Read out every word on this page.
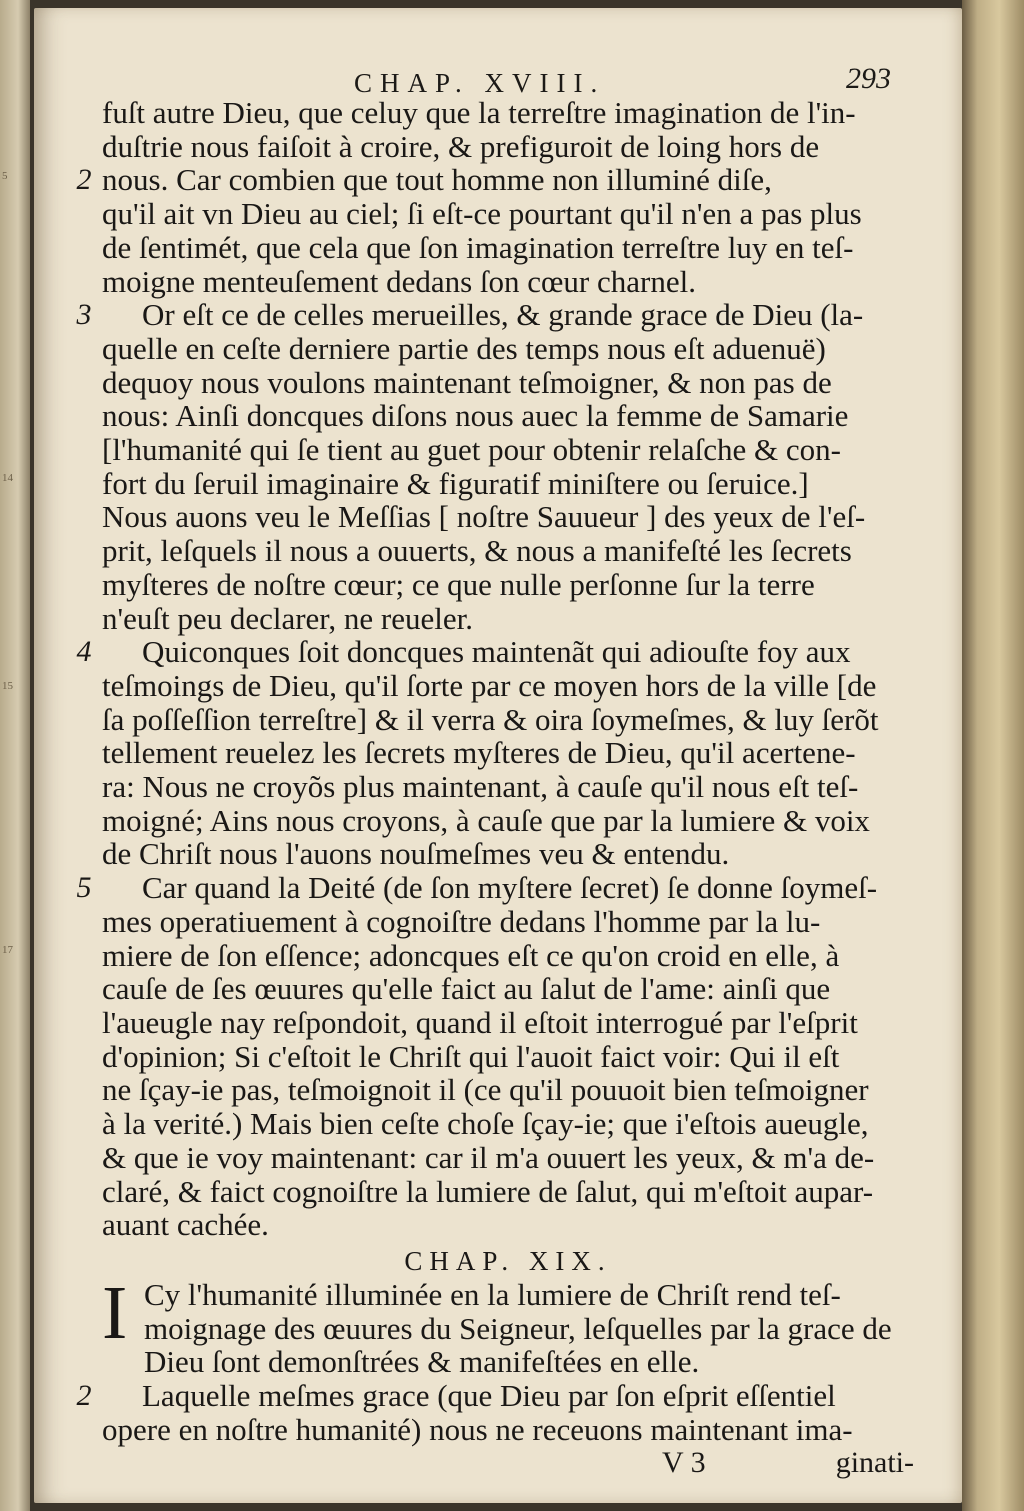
5
14
15
17
CHAP. XVIII.	293

fuſt autre Dieu, que celuy que la terreſtre imagination de l'in-
duſtrie nous faiſoit à croire, & prefiguroit de loing hors de

2 nous. Car combien que tout homme non illuminé diſe,
qu'il ait vn Dieu au ciel; ſi eſt-ce pourtant qu'il n'en a pas plus
de ſentimét, que cela que ſon imagination terreſtre luy en teſ-
moigne menteuſement dedans ſon cœur charnel.

3 Or eſt ce de celles merueilles, & grande grace de Dieu (la-
quelle en ceſte derniere partie des temps nous eſt aduenuë)
dequoy nous voulons maintenant teſmoigner, & non pas de
nous: Ainſi doncques diſons nous auec la femme de Samarie
[l'humanité qui ſe tient au guet pour obtenir relaſche & con-
fort du ſeruil imaginaire & figuratif miniſtere ou ſeruice.]
Nous auons veu le Meſſias [ noſtre Sauueur ] des yeux de l'eſ-
prit, leſquels il nous a ouuerts, & nous a manifeſté les ſecrets
myſteres de noſtre cœur; ce que nulle perſonne ſur la terre
n'euſt peu declarer, ne reueler.

4 Quiconques ſoit doncques maintenãt qui adiouſte foy aux
teſmoings de Dieu, qu'il ſorte par ce moyen hors de la ville [de
ſa poſſeſſion terreſtre] & il verra & oira ſoymeſmes, & luy ſerõt
tellement reuelez les ſecrets myſteres de Dieu, qu'il acertene-
ra: Nous ne croyõs plus maintenant, à cauſe qu'il nous eſt teſ-
moigné; Ains nous croyons, à cauſe que par la lumiere & voix
de Chriſt nous l'auons nouſmeſmes veu & entendu.

5 Car quand la Deité (de ſon myſtere ſecret) ſe donne ſoymeſ-
mes operatiuement à cognoiſtre dedans l'homme par la lu-
miere de ſon eſſence; adoncques eſt ce qu'on croid en elle, à
cauſe de ſes œuures qu'elle faict au ſalut de l'ame: ainſi que
l'aueugle nay reſpondoit, quand il eſtoit interrogué par l'eſprit
d'opinion; Si c'eſtoit le Chriſt qui l'auoit faict voir: Qui il eſt
ne ſçay-ie pas, teſmoignoit il (ce qu'il pouuoit bien teſmoigner
à la verité.) Mais bien ceſte choſe ſçay-ie; que i'eſtois aueugle,
& que ie voy maintenant: car il m'a ouuert les yeux, & m'a de-
claré, & faict cognoiſtre la lumiere de ſalut, qui m'eſtoit aupar-
auant cachée.

CHAP. XIX.

I Cy l'humanité illuminée en la lumiere de Chriſt rend teſ-
moignage des œuures du Seigneur, leſquelles par la grace de
Dieu ſont demonſtrées & manifeſtées en elle.

2 Laquelle meſmes grace (que Dieu par ſon eſprit eſſentiel
opere en noſtre humanité) nous ne receuons maintenant ima-

V 3	ginati-
